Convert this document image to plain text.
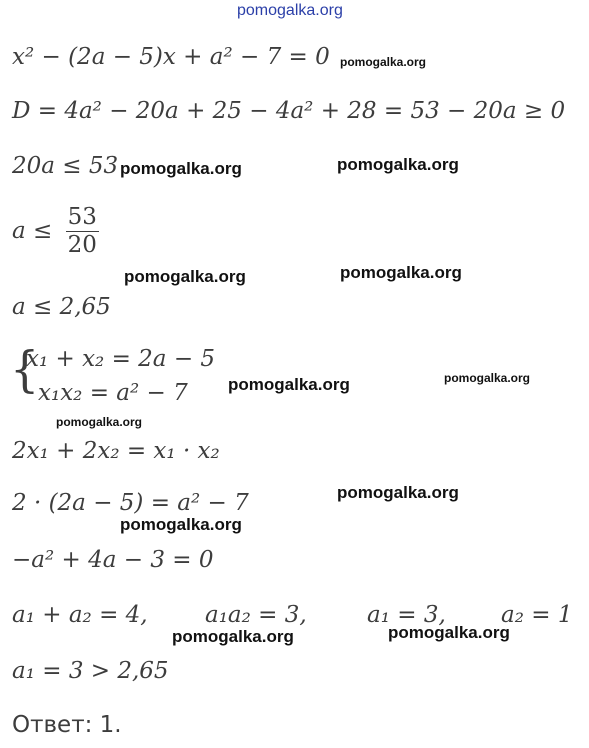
pomogalka.org
x² − (2a − 5)x + a² − 7 = 0 pomogalka.org
D = 4a² − 20a + 25 − 4a² + 28 = 53 − 20a ≥ 0
20a ≤ 53 pomogalka.org	pomogalka.org
$a \le \frac{53}{20}$
pomogalka.org	pomogalka.org
a ≤ 2,65
{
x₁ + x₂ = 2a − 5
x₁x₂ = a² − 7 pomogalka.org	pomogalka.org
pomogalka.org
2x₁ + 2x₂ = x₁ · x₂
2 · (2a − 5) = a² − 7	pomogalka.org
pomogalka.org
−a² + 4a − 3 = 0
a₁ + a₂ = 4, a₁a₂ = 3,	a₁ = 3, a₂ = 1
pomogalka.org	pomogalka.org
a₁ = 3 > 2,65
Ответ: 1.
